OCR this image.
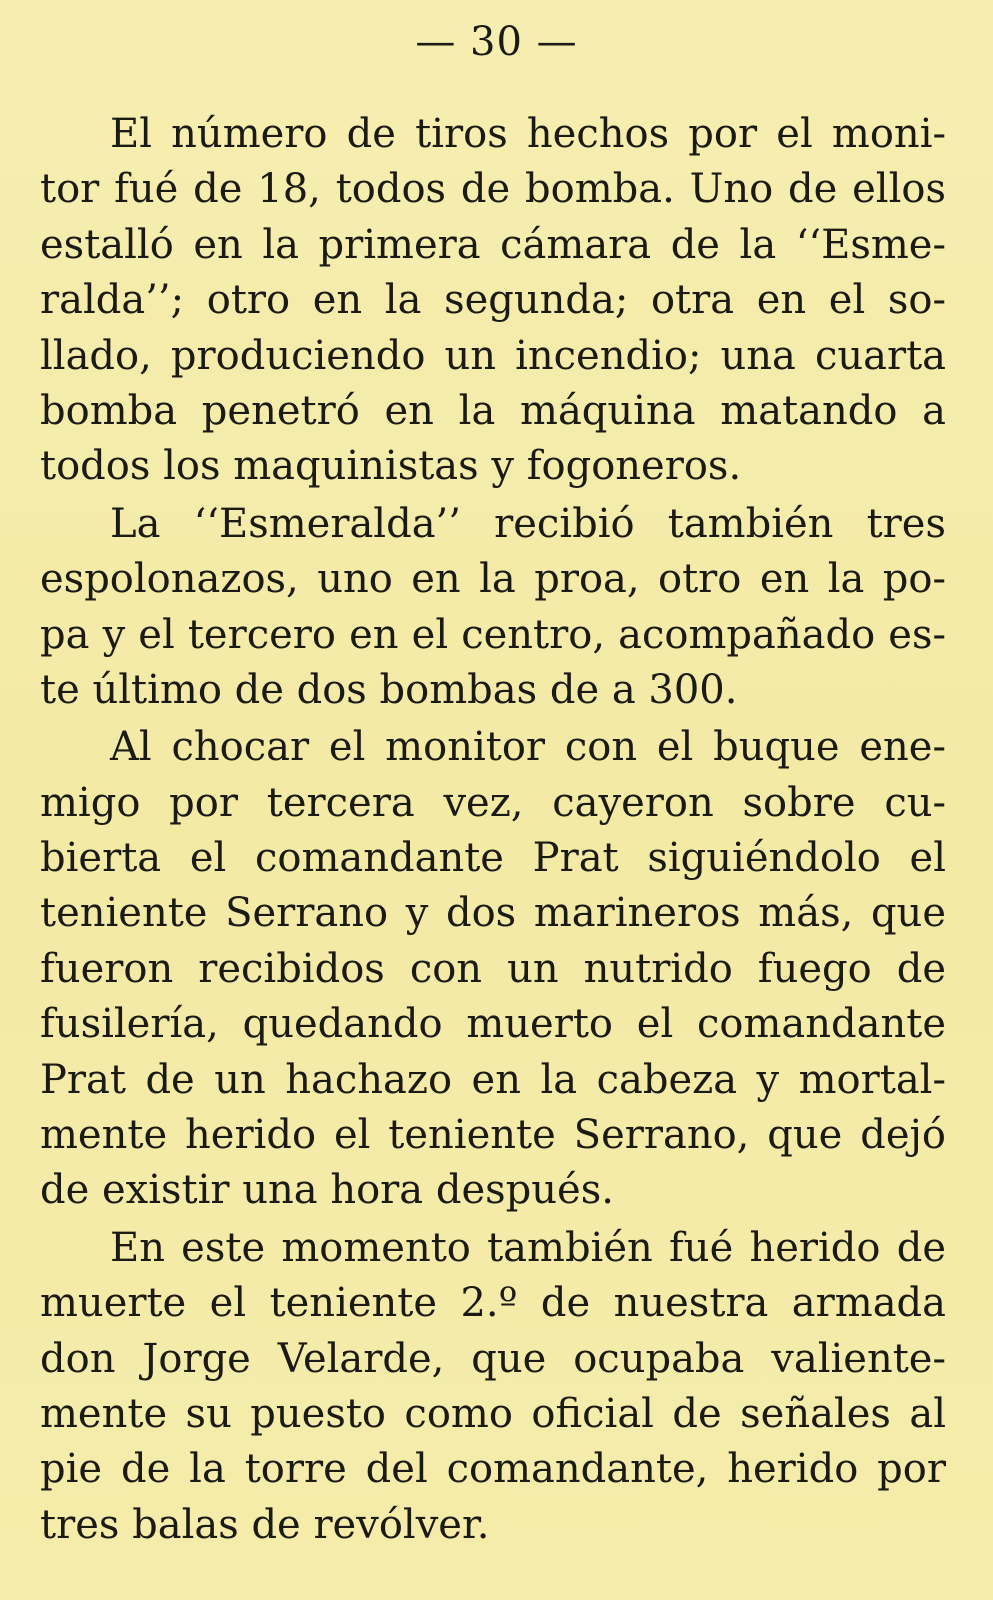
— 30 —
El número de tiros hechos por el moni-
tor fué de 18, todos de bomba. Uno de ellos
estalló en la primera cámara de la ‘‘Esme-
ralda’’; otro en la segunda; otra en el so-
llado, produciendo un incendio; una cuarta
bomba penetró en la máquina matando a
todos los maquinistas y fogoneros.
La ‘‘Esmeralda’’ recibió también tres
espolonazos, uno en la proa, otro en la po-
pa y el tercero en el centro, acompañado es-
te último de dos bombas de a 300.
Al chocar el monitor con el buque ene-
migo por tercera vez, cayeron sobre cu-
bierta el comandante Prat siguiéndolo el
teniente Serrano y dos marineros más, que
fueron recibidos con un nutrido fuego de
fusilería, quedando muerto el comandante
Prat de un hachazo en la cabeza y mortal-
mente herido el teniente Serrano, que dejó
de existir una hora después.
En este momento también fué herido de
muerte el teniente 2.º de nuestra armada
don Jorge Velarde, que ocupaba valiente-
mente su puesto como oficial de señales al
pie de la torre del comandante, herido por
tres balas de revólver.
